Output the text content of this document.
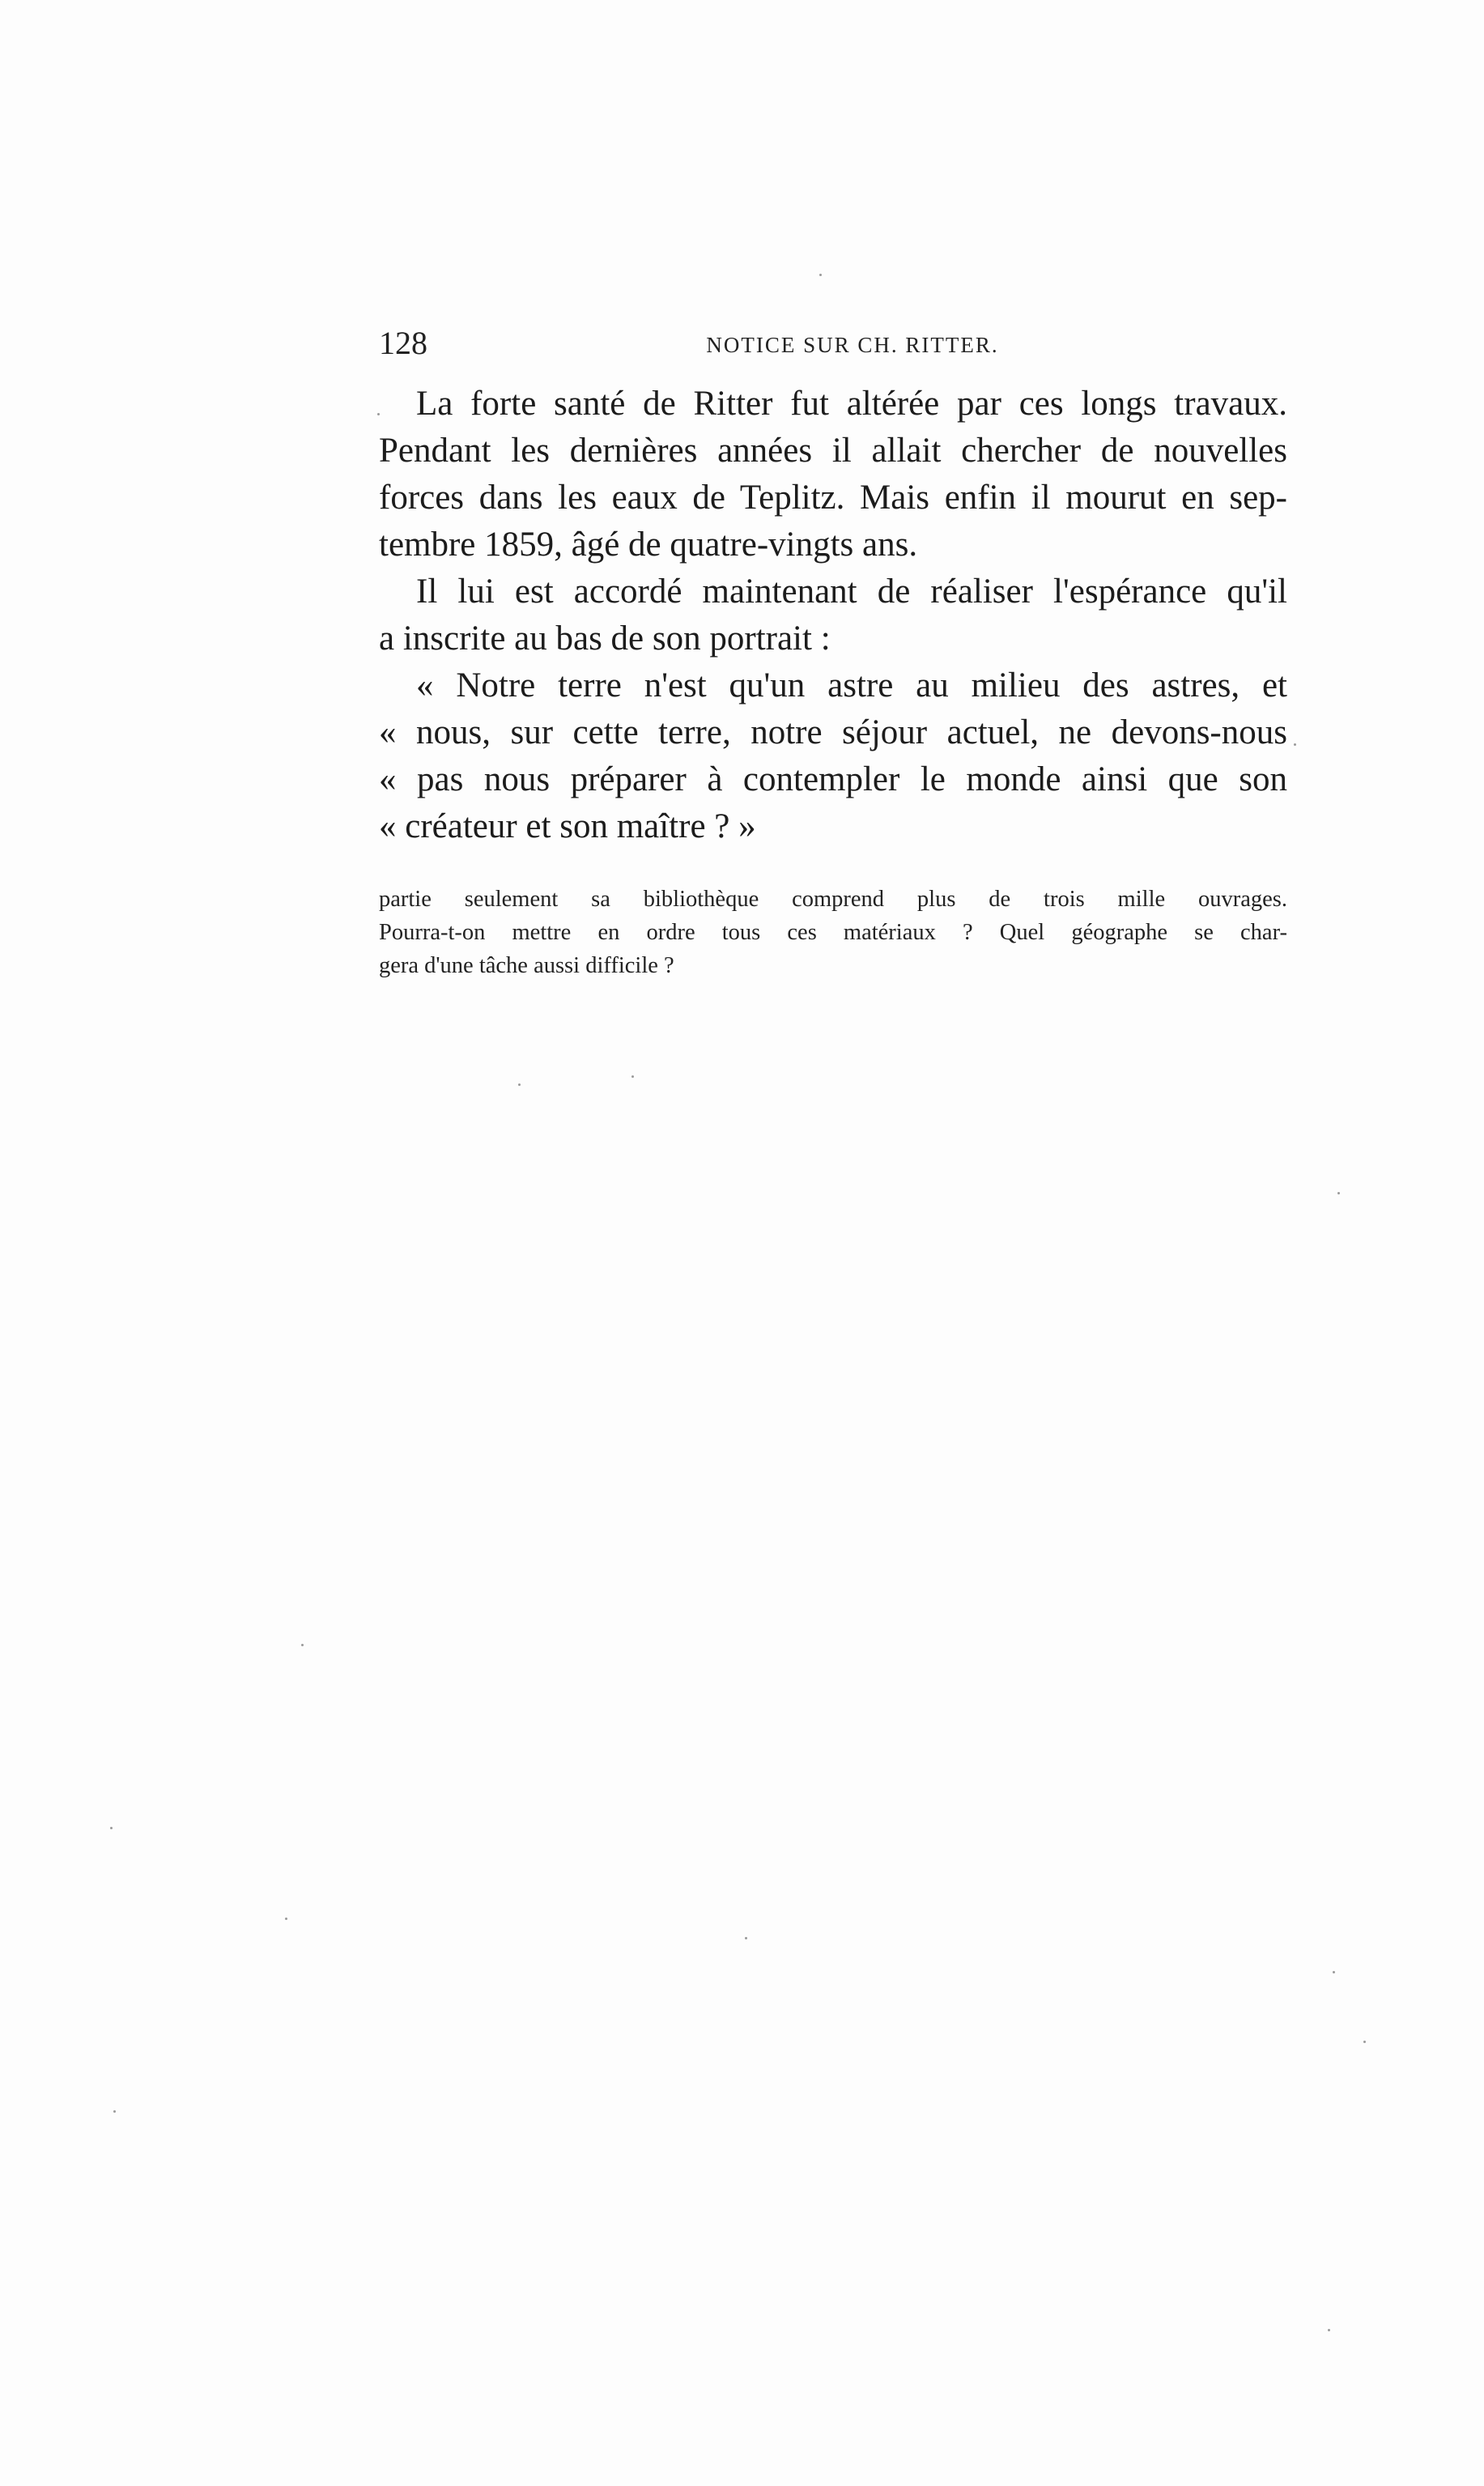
128	NOTICE SUR CH. RITTER.
La forte santé de Ritter fut altérée par ces longs travaux.
Pendant les dernières années il allait chercher de nouvelles
forces dans les eaux de Teplitz. Mais enfin il mourut en sep-
tembre 1859, âgé de quatre-vingts ans.
Il lui est accordé maintenant de réaliser l'espérance qu'il
a inscrite au bas de son portrait :
« Notre terre n'est qu'un astre au milieu des astres, et
« nous, sur cette terre, notre séjour actuel, ne devons-nous
« pas nous préparer à contempler le monde ainsi que son
« créateur et son maître ? »
partie seulement sa bibliothèque comprend plus de trois mille ouvrages.
Pourra-t-on mettre en ordre tous ces matériaux ? Quel géographe se char-
gera d'une tâche aussi difficile ?
